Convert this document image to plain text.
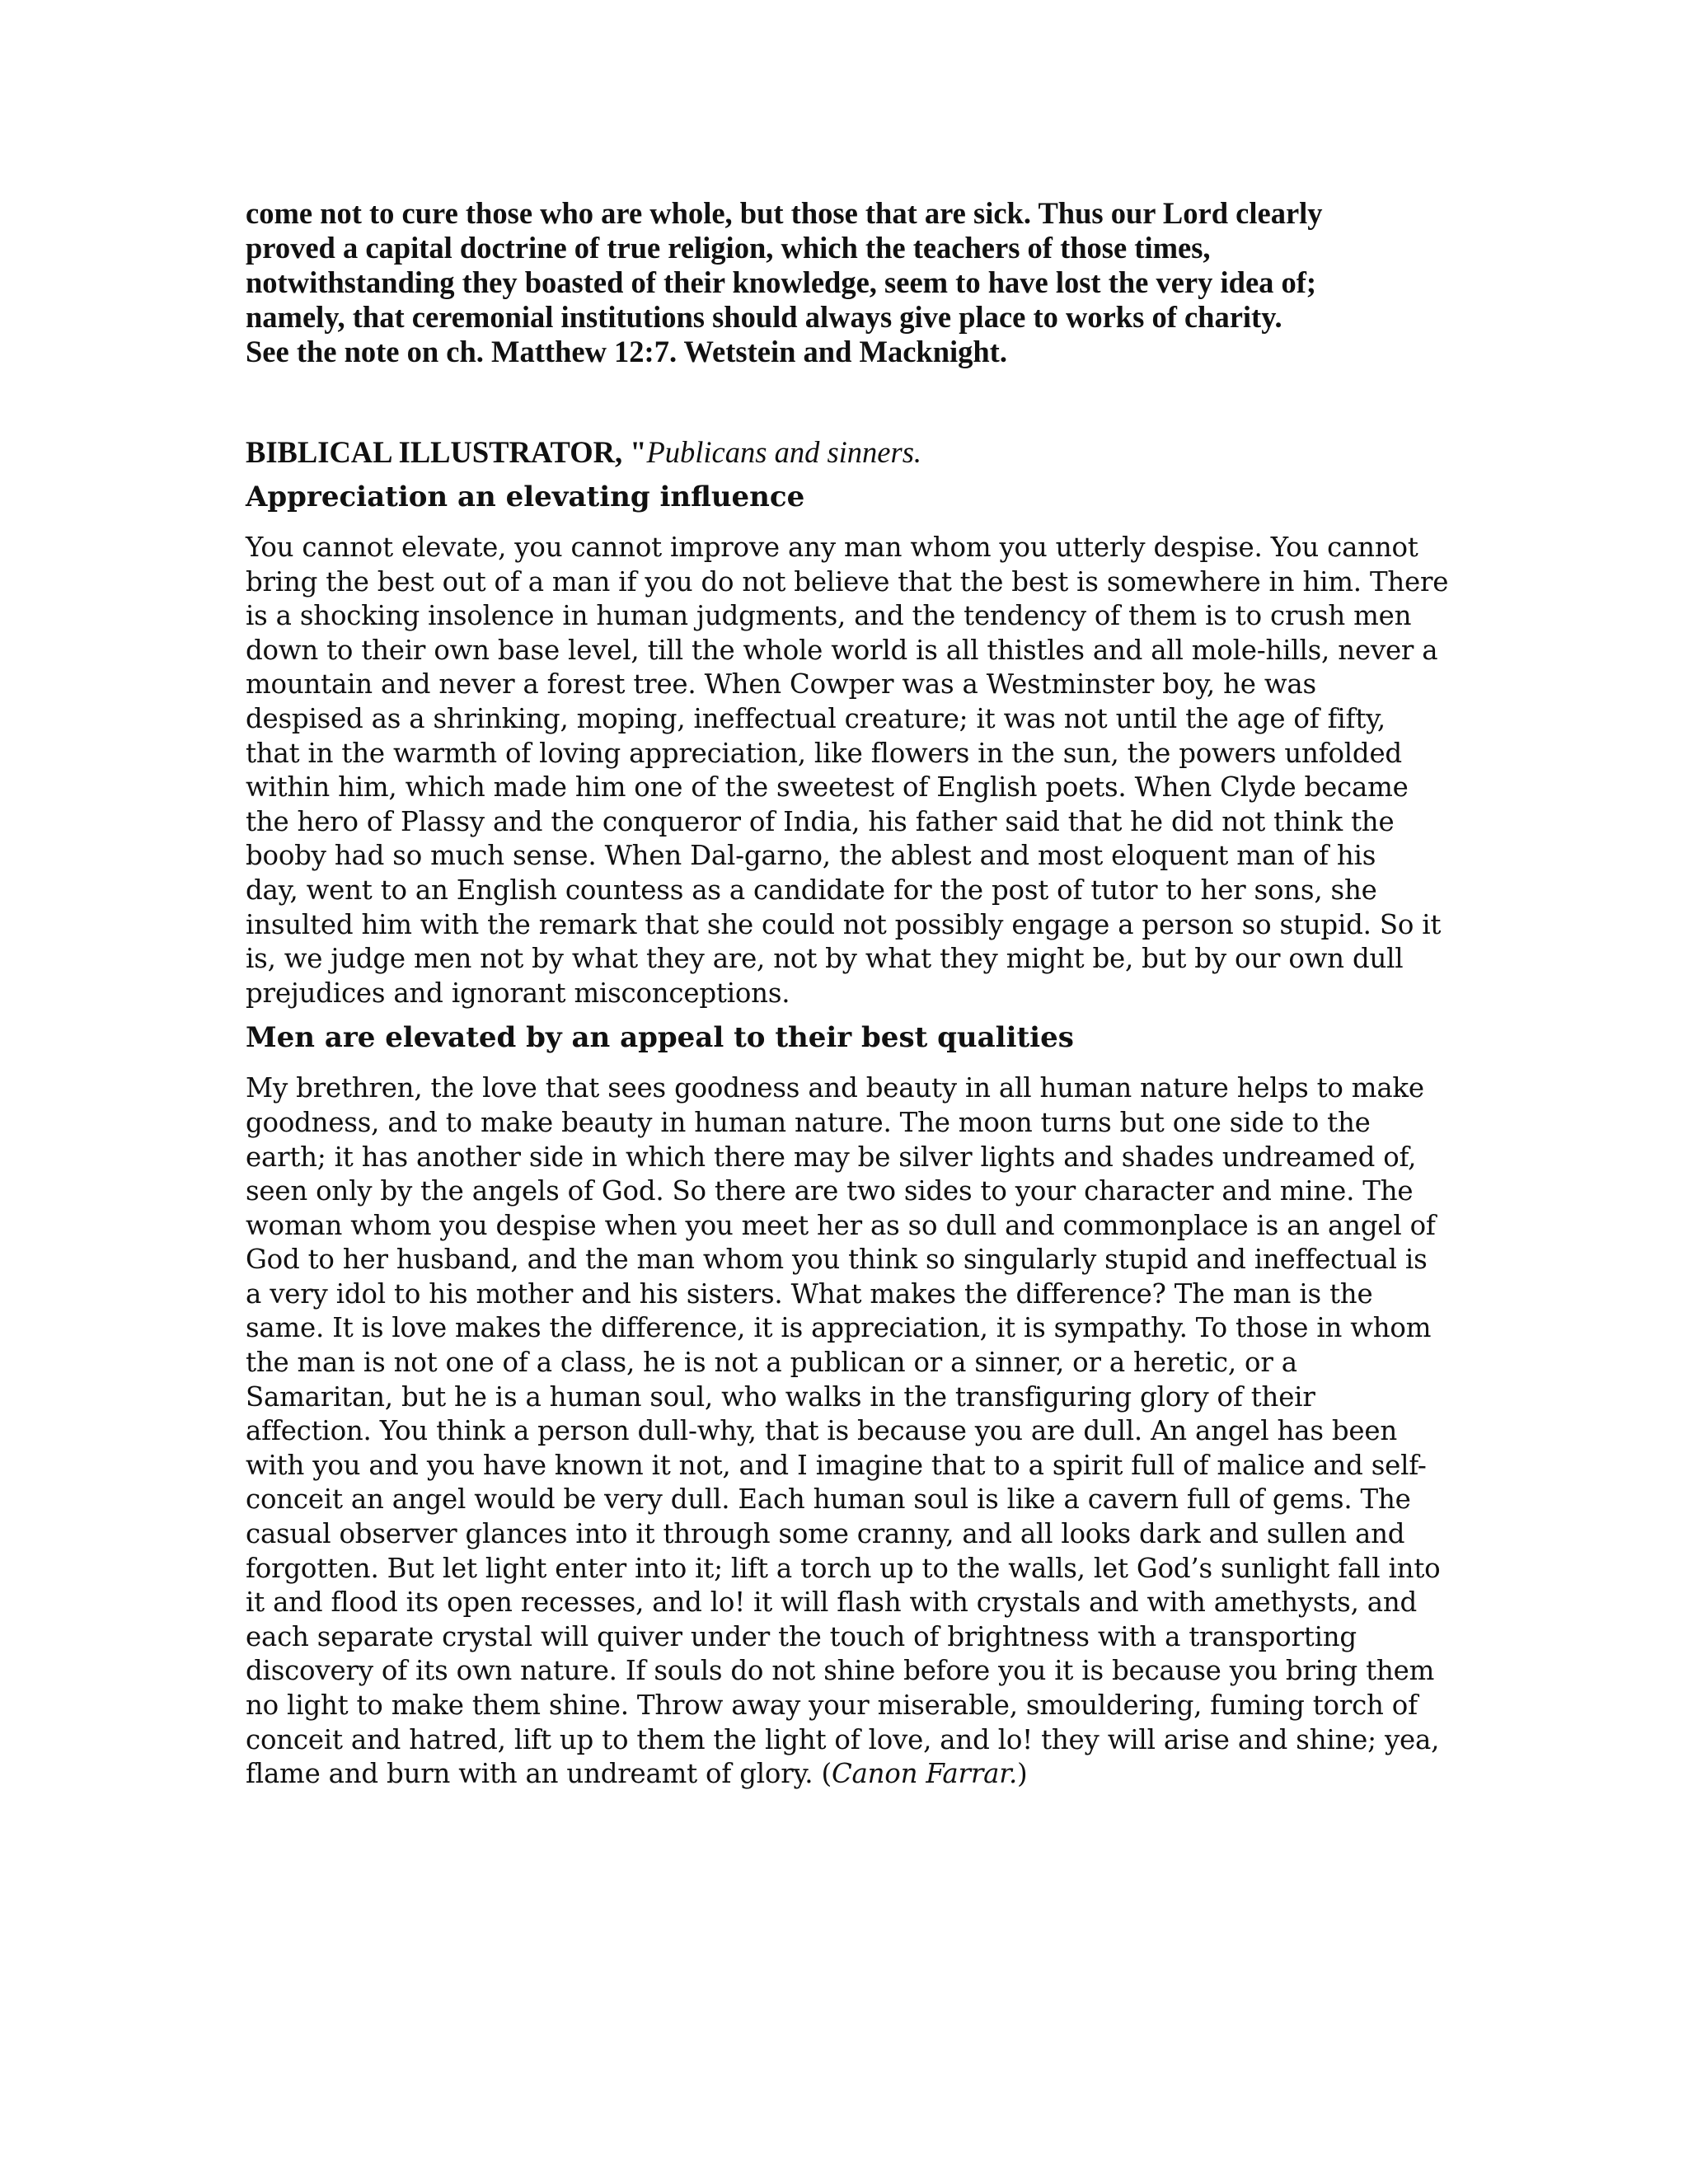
come not to cure those who are whole, but those that are sick. Thus our Lord clearly
proved a capital doctrine of true religion, which the teachers of those times,
notwithstanding they boasted of their knowledge, seem to have lost the very idea of;
namely, that ceremonial institutions should always give place to works of charity.
See the note on ch. Matthew 12:7. Wetstein and Macknight.

BIBLICAL ILLUSTRATOR, "Publicans and sinners.

Appreciation an elevating influence

You cannot elevate, you cannot improve any man whom you utterly despise. You cannot
bring the best out of a man if you do not believe that the best is somewhere in him. There
is a shocking insolence in human judgments, and the tendency of them is to crush men
down to their own base level, till the whole world is all thistles and all mole-hills, never a
mountain and never a forest tree. When Cowper was a Westminster boy, he was
despised as a shrinking, moping, ineffectual creature; it was not until the age of fifty,
that in the warmth of loving appreciation, like flowers in the sun, the powers unfolded
within him, which made him one of the sweetest of English poets. When Clyde became
the hero of Plassy and the conqueror of India, his father said that he did not think the
booby had so much sense. When Dal-garno, the ablest and most eloquent man of his
day, went to an English countess as a candidate for the post of tutor to her sons, she
insulted him with the remark that she could not possibly engage a person so stupid. So it
is, we judge men not by what they are, not by what they might be, but by our own dull
prejudices and ignorant misconceptions.

Men are elevated by an appeal to their best qualities

My brethren, the love that sees goodness and beauty in all human nature helps to make
goodness, and to make beauty in human nature. The moon turns but one side to the
earth; it has another side in which there may be silver lights and shades undreamed of,
seen only by the angels of God. So there are two sides to your character and mine. The
woman whom you despise when you meet her as so dull and commonplace is an angel of
God to her husband, and the man whom you think so singularly stupid and ineffectual is
a very idol to his mother and his sisters. What makes the difference? The man is the
same. It is love makes the difference, it is appreciation, it is sympathy. To those in whom
the man is not one of a class, he is not a publican or a sinner, or a heretic, or a
Samaritan, but he is a human soul, who walks in the transfiguring glory of their
affection. You think a person dull-why, that is because you are dull. An angel has been
with you and you have known it not, and I imagine that to a spirit full of malice and self-
conceit an angel would be very dull. Each human soul is like a cavern full of gems. The
casual observer glances into it through some cranny, and all looks dark and sullen and
forgotten. But let light enter into it; lift a torch up to the walls, let God’s sunlight fall into
it and flood its open recesses, and lo! it will flash with crystals and with amethysts, and
each separate crystal will quiver under the touch of brightness with a transporting
discovery of its own nature. If souls do not shine before you it is because you bring them
no light to make them shine. Throw away your miserable, smouldering, fuming torch of
conceit and hatred, lift up to them the light of love, and lo! they will arise and shine; yea,
flame and burn with an undreamt of glory. (Canon Farrar.)
